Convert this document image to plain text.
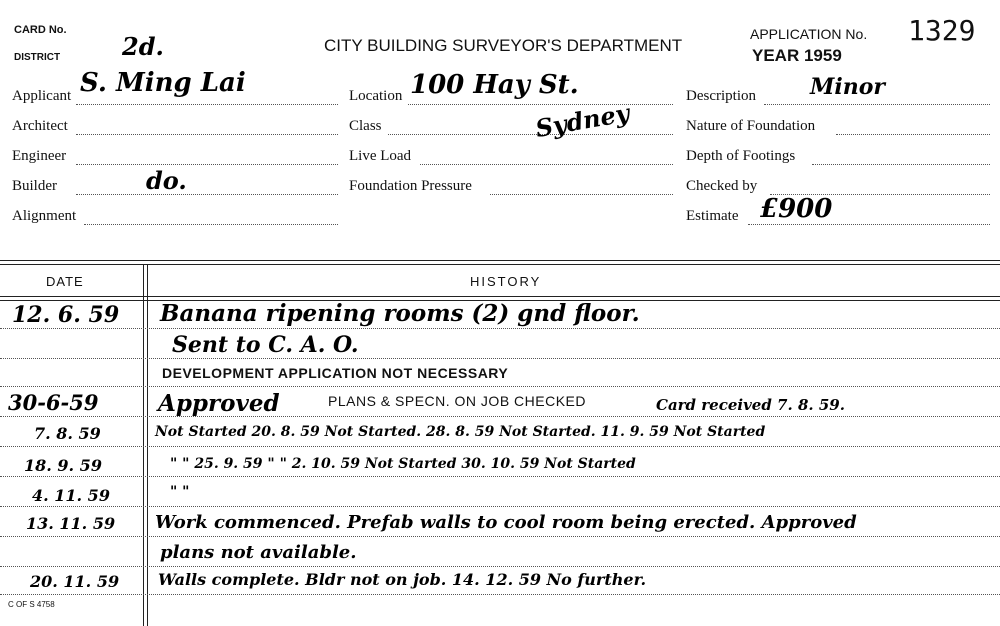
CARD No.
DISTRICT	2d.	CITY BUILDING SURVEYOR'S DEPARTMENT
APPLICATION No.
YEAR 1959
1329
Applicant S. Ming Lai
Architect
Engineer
Builder	do.
Alignment
Location 100 Hay St.
Class	Sydney
Live Load
Foundation Pressure
Description Minor
Nature of Foundation
Depth of Footings
Checked by
Estimate £900
DATE	HISTORY
12. 6. 59 Banana ripening rooms (2) gnd floor.
Sent to C. A. O.
DEVELOPMENT APPLICATION NOT NECESSARY
30-6-59	Approved	PLANS & SPECN. ON JOB CHECKED	Card received 7. 8. 59.
7. 8. 59	Not Started 20. 8. 59 Not Started. 28. 8. 59 Not Started. 11. 9. 59 Not Started
18. 9. 59	" " 25. 9. 59 " " 2. 10. 59 Not Started 30. 10. 59 Not Started
4. 11. 59	" "
13. 11. 59 Work commenced. Prefab walls to cool room being erected. Approved
plans not available.
20. 11. 59 Walls complete. Bldr not on job. 14. 12. 59 No further.
C OF S 4758
